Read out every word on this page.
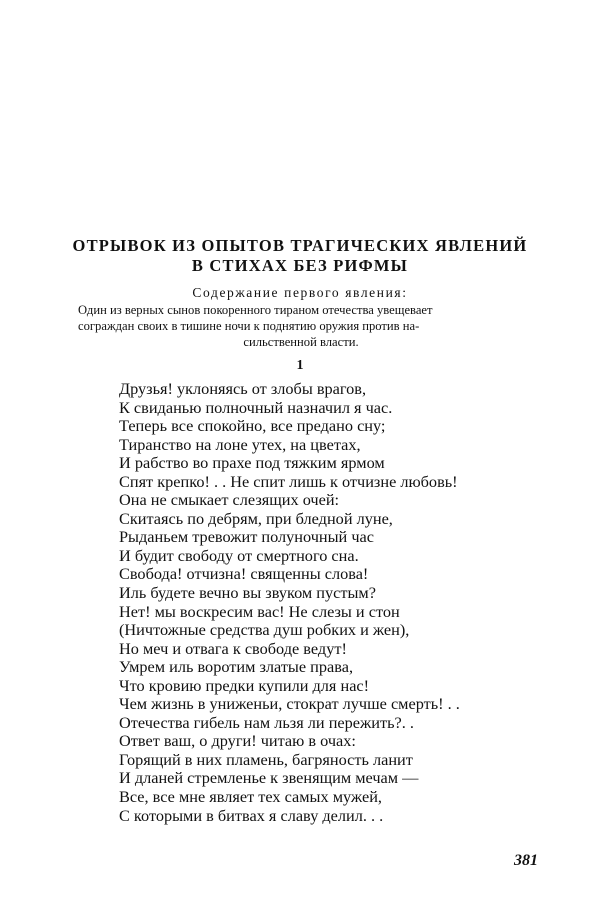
ОТРЫВОК ИЗ ОПЫТОВ ТРАГИЧЕСКИХ ЯВЛЕНИЙ
В СТИХАХ БЕЗ РИФМЫ

Содержание первого явления:

Один из верных сынов покоренного тираном отечества увещевает
сограждан своих в тишине ночи к поднятию оружия против на-
сильственной власти.

1

Друзья! уклоняясь от злобы врагов,
К свиданью полночный назначил я час.
Теперь все спокойно, все предано сну;
Тиранство на лоне утех, на цветах,
И рабство во прахе под тяжким ярмом
Спят крепко! . . Не спит лишь к отчизне любовь!
Она не смыкает слезящих очей:
Скитаясь по дебрям, при бледной луне,
Рыданьем тревожит полуночный час
И будит свободу от смертного сна.
Свобода! отчизна! священны слова!
Иль будете вечно вы звуком пустым?
Нет! мы воскресим вас! Не слезы и стон
(Ничтожные средства душ робких и жен),
Но меч и отвага к свободе ведут!
Умрем иль воротим златые права,
Что кровию предки купили для нас!
Чем жизнь в униженьи, стократ лучше смерть! . .
Отечества гибель нам льзя ли пережить?. .
Ответ ваш, о други! читаю в очах:
Горящий в них пламень, багряность ланит
И дланей стремленье к звенящим мечам —
Все, все мне являет тех самых мужей,
С которыми в битвах я славу делил. . .

381
